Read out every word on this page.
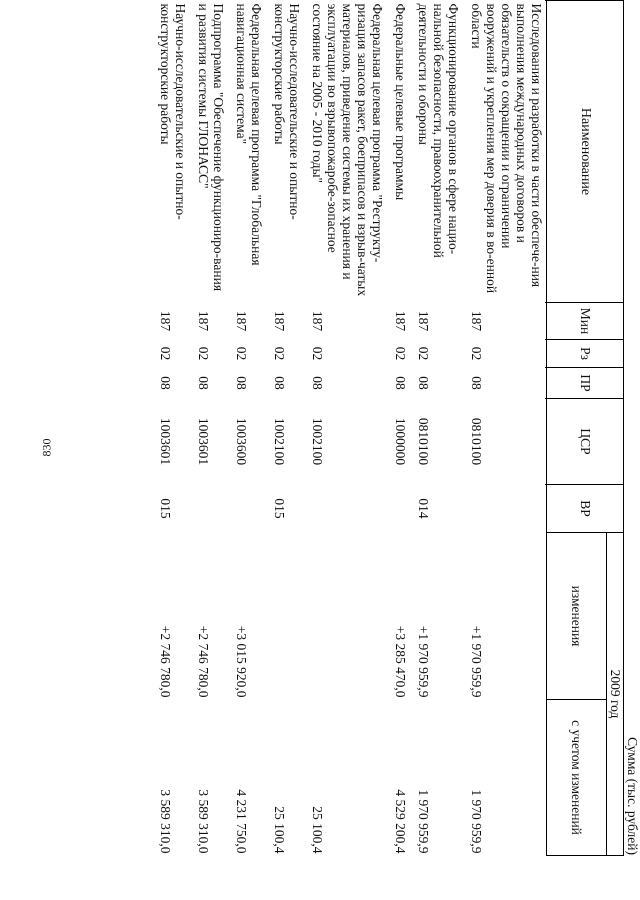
830
Сумма (тыс. рублей)
Наименование	Мин	Рз	ПР	ЦСР	ВР	2009 год	
						изменения	с учетом изменений

Исследования и разработки в части обеспече-ния выполнения международных договоров и обязательств о сокращении и ограничении вооружений и укрепления мер доверия в во-енной области	187	02	08	0810100		+1 970 959,9	1 970 959,9
Функционирование органов в сфере нацио-нальной безопасности, правоохранительной деятельности и обороны	187	02	08	0810100	014	+1 970 959,9	1 970 959,9
Федеральные целевые программы	187	02	08	1000000		+3 285 470,0	4 529 200,4
Федеральная целевая программа "Реструкту-ризация запасов ракет, боеприпасов и взрыв-чатых материалов, приведение системы их хранения и эксплуатации во взрывопожаробе-зопасное состояние на 2005 - 2010 годы"	187	02	08	1002100			25 100,4
Научно-исследовательские и опытно-конструкторские работы	187	02	08	1002100	015		25 100,4
Федеральная целевая программа "Глобальная навигационная система"	187	02	08	1003600		+3 015 920,0	4 231 750,0
Подпрограмма "Обеспечение функциониро-вания и развития системы ГЛОНАСС"	187	02	08	1003601		+2 746 780,0	3 589 310,0
Научно-исследовательские и опытно-конструкторские работы	187	02	08	1003601	015	+2 746 780,0	3 589 310,0
